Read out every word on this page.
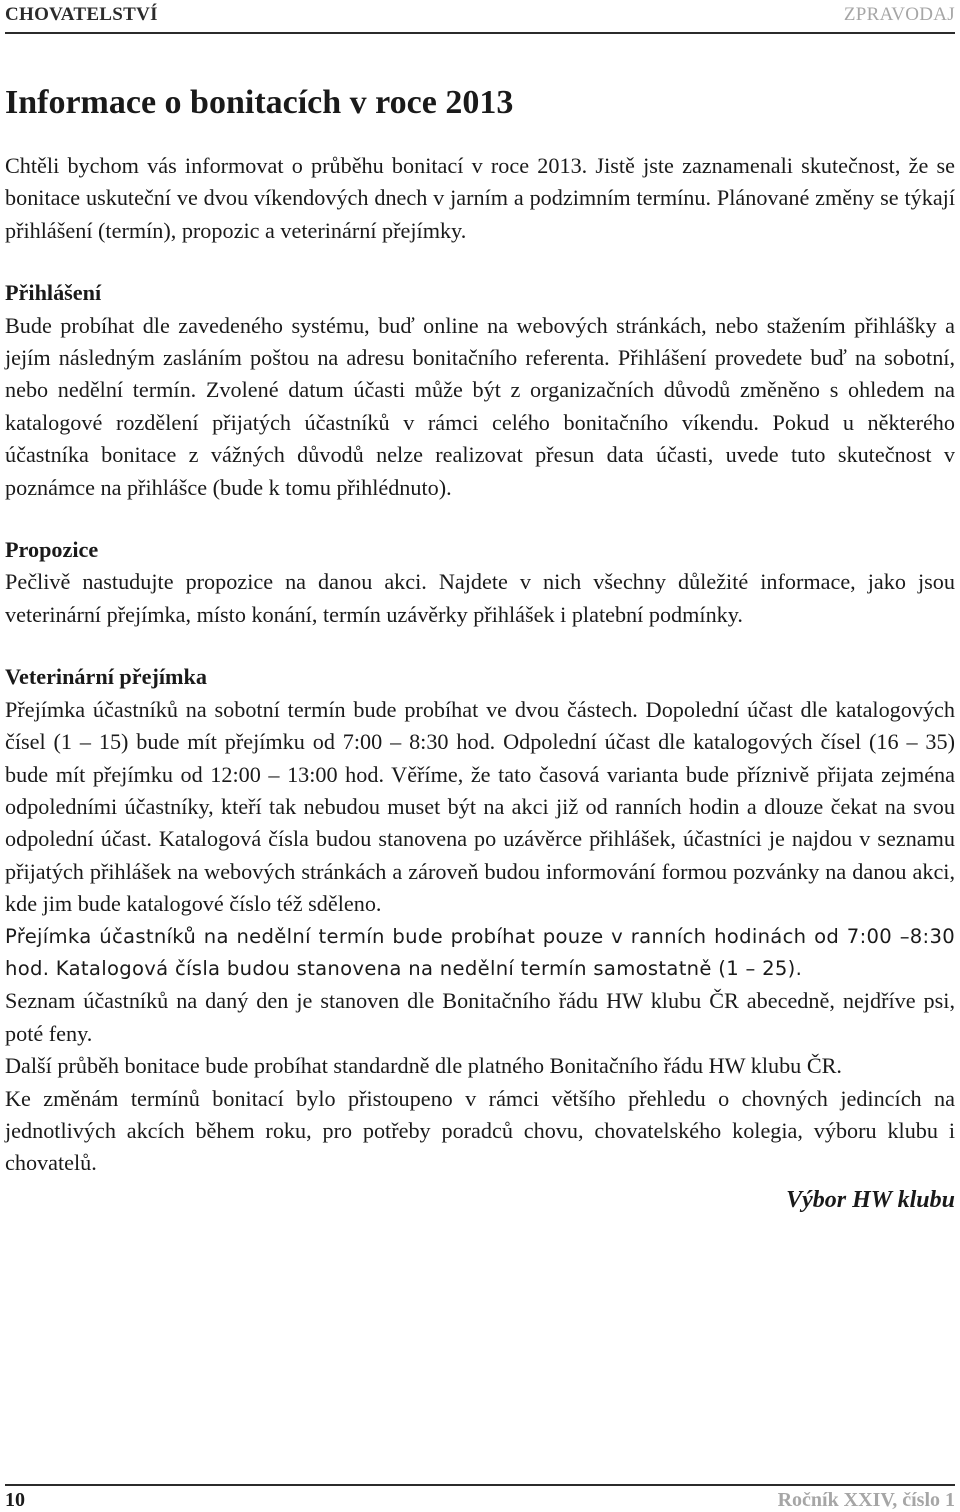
CHOVATELSTVÍ	ZPRAVODAJ
Informace o bonitacích v roce 2013

Chtěli bychom vás informovat o průběhu bonitací v roce 2013. Jistě jste zaznamenali skutečnost, že se bonitace uskuteční ve dvou víkendových dnech v jarním a podzimním termínu. Plánované změny se týkají přihlášení (termín), propozic a veterinární přejímky.

Přihlášení

Bude probíhat dle zavedeného systému, buď online na webových stránkách, nebo stažením přihlášky a jejím následným zasláním poštou na adresu bonitačního referenta. Přihlášení provedete buď na sobotní, nebo nedělní termín. Zvolené datum účasti může být z organizačních důvodů změněno s ohledem na katalogové rozdělení přijatých účastníků v rámci celého bonitačního víkendu. Pokud u některého účastníka bonitace z vážných důvodů nelze realizovat přesun data účasti, uvede tuto skutečnost v poznámce na přihlášce (bude k tomu přihlédnuto).

Propozice

Pečlivě nastudujte propozice na danou akci. Najdete v nich všechny důležité informace, jako jsou veterinární přejímka, místo konání, termín uzávěrky přihlášek i platební podmínky.

Veterinární přejímka

Přejímka účastníků na sobotní termín bude probíhat ve dvou částech. Dopolední účast dle katalogových čísel (1 – 15) bude mít přejímku od 7:00 – 8:30 hod. Odpolední účast dle katalogových čísel (16 – 35) bude mít přejímku od 12:00 – 13:00 hod. Věříme, že tato časová varianta bude příznivě přijata zejména odpoledními účastníky, kteří tak nebudou muset být na akci již od ranních hodin a dlouze čekat na svou odpolední účast. Katalogová čísla budou stanovena po uzávěrce přihlášek, účastníci je najdou v seznamu přijatých přihlášek na webových stránkách a zároveň budou informování formou pozvánky na danou akci, kde jim bude katalogové číslo též sděleno.

Přejímka účastníků na nedělní termín bude probíhat pouze v ranních hodinách od 7:00 –8:30 hod. Katalogová čísla budou stanovena na nedělní termín samostatně (1 – 25).

Seznam účastníků na daný den je stanoven dle Bonitačního řádu HW klubu ČR abecedně, nejdříve psi, poté feny.

Další průběh bonitace bude probíhat standardně dle platného Bonitačního řádu HW klubu ČR.

Ke změnám termínů bonitací bylo přistoupeno v rámci většího přehledu o chovných jedincích na jednotlivých akcích během roku, pro potřeby poradců chovu, chovatelského kolegia, výboru klubu i chovatelů.

Výbor HW klubu
10	Ročník XXIV, číslo 1
